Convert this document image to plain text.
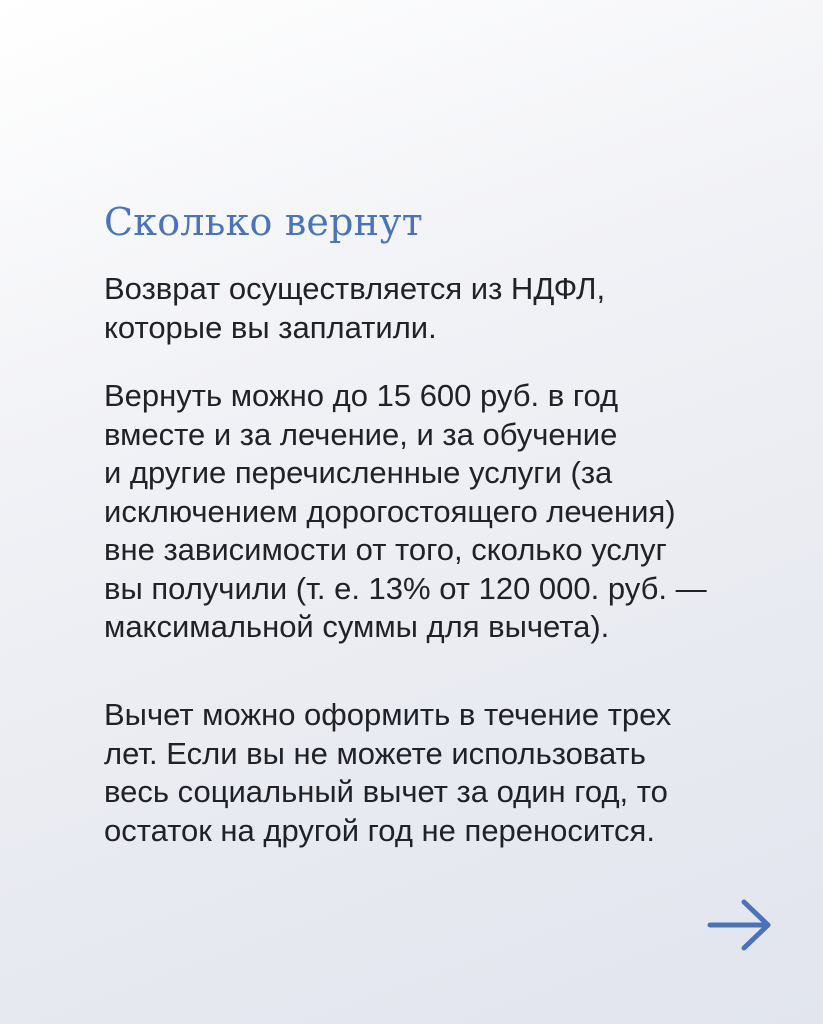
Сколько вернут

Возврат осуществляется из НДФЛ,
которые вы заплатили.

Вернуть можно до 15 600 руб. в год
вместе и за лечение, и за обучение
и другие перечисленные услуги (за
исключением дорогостоящего лечения)
вне зависимости от того, сколько услуг
вы получили (т. е. 13% от 120 000. руб. —
максимальной суммы для вычета).

Вычет можно оформить в течение трех
лет. Если вы не можете использовать
весь социальный вычет за один год, то
остаток на другой год не переносится.
